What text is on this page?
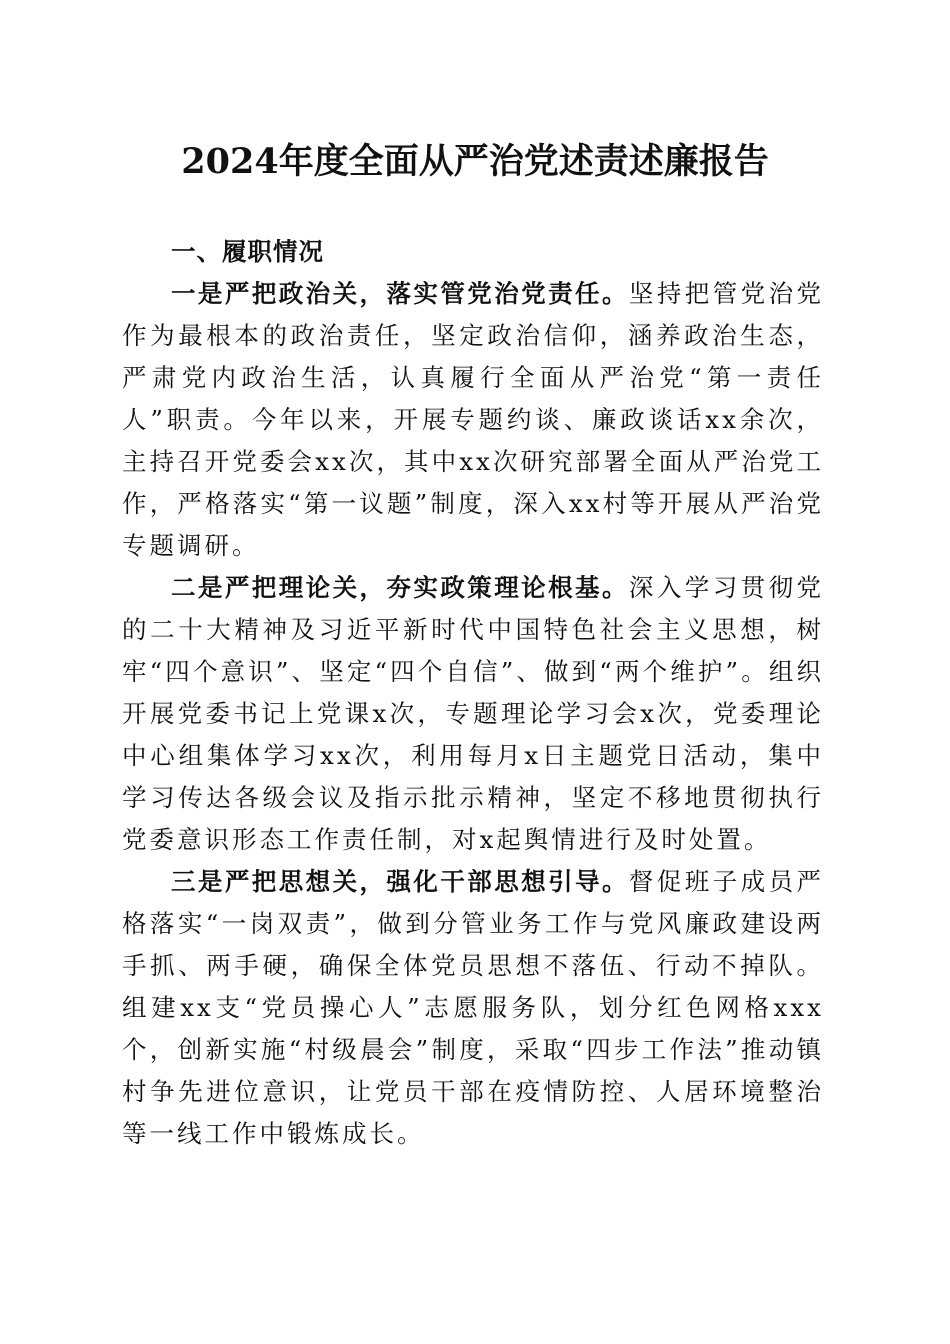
2024年度全面从严治党述责述廉报告

一、履职情况

一是严把政治关，落实管党治党责任。坚持把管党治党作为最根本的政治责任，坚定政治信仰，涵养政治生态，严肃党内政治生活，认真履行全面从严治党“第一责任人”职责。今年以来，开展专题约谈、廉政谈话xx余次，主持召开党委会xx次，其中xx次研究部署全面从严治党工作，严格落实“第一议题”制度，深入xx村等开展从严治党专题调研。

二是严把理论关，夯实政策理论根基。深入学习贯彻党的二十大精神及习近平新时代中国特色社会主义思想，树牢“四个意识”、坚定“四个自信”、做到“两个维护”。组织开展党委书记上党课x次，专题理论学习会x次，党委理论中心组集体学习xx次，利用每月x日主题党日活动，集中学习传达各级会议及指示批示精神，坚定不移地贯彻执行党委意识形态工作责任制，对x起舆情进行及时处置。

三是严把思想关，强化干部思想引导。督促班子成员严格落实“一岗双责”，做到分管业务工作与党风廉政建设两手抓、两手硬，确保全体党员思想不落伍、行动不掉队。组建xx支“党员操心人”志愿服务队，划分红色网格xxx个，创新实施“村级晨会”制度，采取“四步工作法”推动镇村争先进位意识，让党员干部在疫情防控、人居环境整治等一线工作中锻炼成长。
